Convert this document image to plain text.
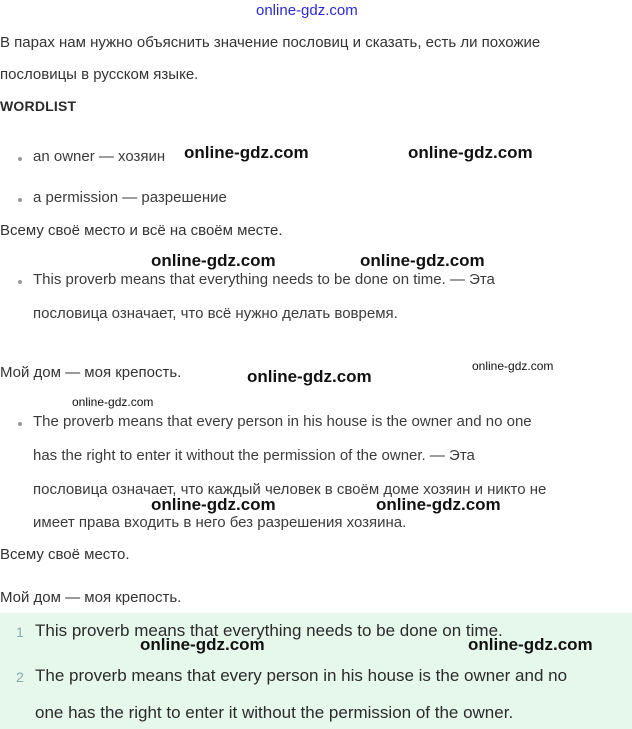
online-gdz.com
В парах нам нужно объяснить значение пословиц и сказать, есть ли похожие
пословицы в русском языке.
WORDLIST
an owner — хозяин
a permission — разрешение
Всему своё место и всё на своём месте.
This proverb means that everything needs to be done on time. — Эта
пословица означает, что всё нужно делать вовремя.
Мой дом — моя крепость.
The proverb means that every person in his house is the owner and no one
has the right to enter it without the permission of the owner. — Эта
пословица означает, что каждый человек в своём доме хозяин и никто не
имеет права входить в него без разрешения хозяина.
Всему своё место.
Мой дом — моя крепость.
1 This proverb means that everything needs to be done on time.
2 The proverb means that every person in his house is the owner and no
one has the right to enter it without the permission of the owner.
online-gdz.com	online-gdz.com
online-gdz.com	online-gdz.com
online-gdz.com
online-gdz.com
online-gdz.com
online-gdz.com	online-gdz.com
online-gdz.com	online-gdz.com
